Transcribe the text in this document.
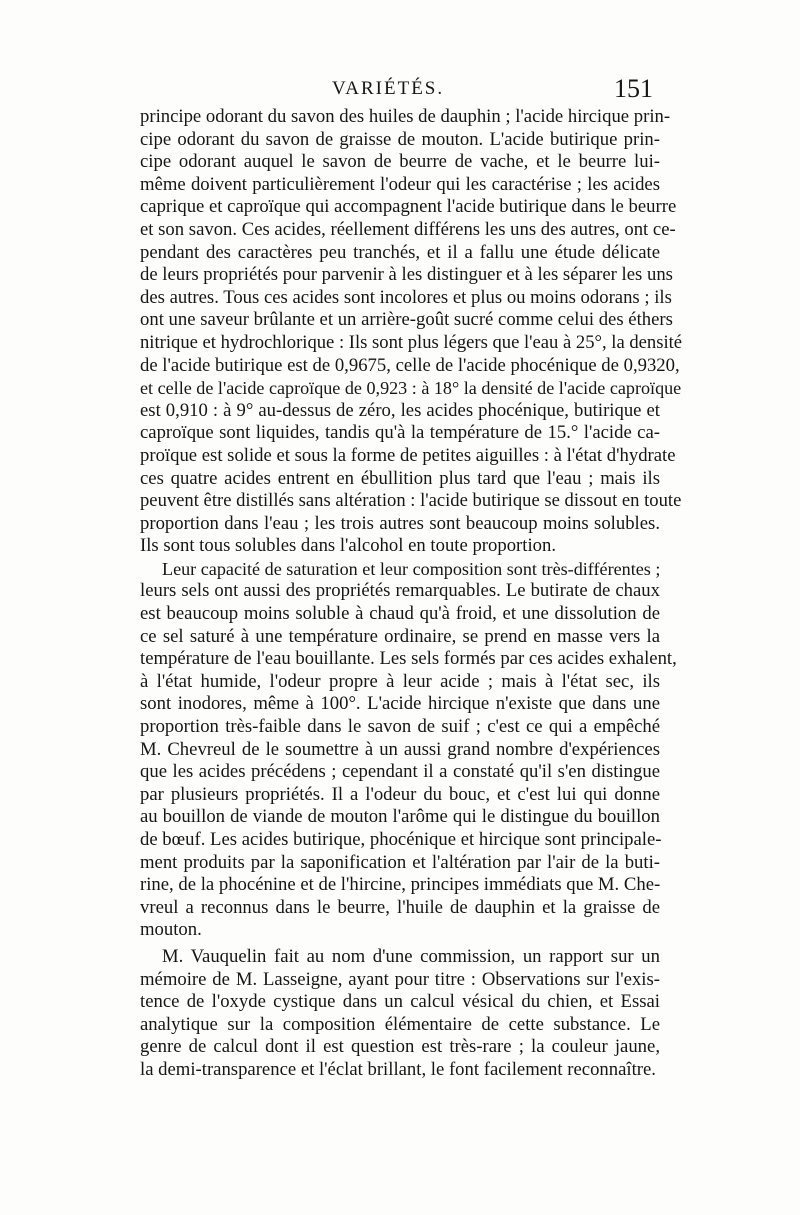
VARIÉTÉS.	151

principe odorant du savon des huiles de dauphin ; l'acide hircique prin-
cipe odorant du savon de graisse de mouton. L'acide butirique prin-
cipe odorant auquel le savon de beurre de vache, et le beurre lui-
même doivent particulièrement l'odeur qui les caractérise ; les acides
caprique et caproïque qui accompagnent l'acide butirique dans le beurre
et son savon. Ces acides, réellement différens les uns des autres, ont ce-
pendant des caractères peu tranchés, et il a fallu une étude délicate
de leurs propriétés pour parvenir à les distinguer et à les séparer les uns
des autres. Tous ces acides sont incolores et plus ou moins odorans ; ils
ont une saveur brûlante et un arrière-goût sucré comme celui des éthers
nitrique et hydrochlorique : Ils sont plus légers que l'eau à 25°, la densité
de l'acide butirique est de 0,9675, celle de l'acide phocénique de 0,9320,
et celle de l'acide caproïque de 0,923 : à 18° la densité de l'acide caproïque
est 0,910 : à 9° au-dessus de zéro, les acides phocénique, butirique et
caproïque sont liquides, tandis qu'à la température de 15.° l'acide ca-
proïque est solide et sous la forme de petites aiguilles : à l'état d'hydrate
ces quatre acides entrent en ébullition plus tard que l'eau ; mais ils
peuvent être distillés sans altération : l'acide butirique se dissout en toute
proportion dans l'eau ; les trois autres sont beaucoup moins solubles.
Ils sont tous solubles dans l'alcohol en toute proportion.

Leur capacité de saturation et leur composition sont très-différentes ;
leurs sels ont aussi des propriétés remarquables. Le butirate de chaux
est beaucoup moins soluble à chaud qu'à froid, et une dissolution de
ce sel saturé à une température ordinaire, se prend en masse vers la
température de l'eau bouillante. Les sels formés par ces acides exhalent,
à l'état humide, l'odeur propre à leur acide ; mais à l'état sec, ils
sont inodores, même à 100°. L'acide hircique n'existe que dans une
proportion très-faible dans le savon de suif ; c'est ce qui a empêché
M. Chevreul de le soumettre à un aussi grand nombre d'expériences
que les acides précédens ; cependant il a constaté qu'il s'en distingue
par plusieurs propriétés. Il a l'odeur du bouc, et c'est lui qui donne
au bouillon de viande de mouton l'arôme qui le distingue du bouillon
de bœuf. Les acides butirique, phocénique et hircique sont principale-
ment produits par la saponification et l'altération par l'air de la buti-
rine, de la phocénine et de l'hircine, principes immédiats que M. Che-
vreul a reconnus dans le beurre, l'huile de dauphin et la graisse de
mouton.

M. Vauquelin fait au nom d'une commission, un rapport sur un
mémoire de M. Lasseigne, ayant pour titre : Observations sur l'exis-
tence de l'oxyde cystique dans un calcul vésical du chien, et Essai
analytique sur la composition élémentaire de cette substance. Le
genre de calcul dont il est question est très-rare ; la couleur jaune,
la demi-transparence et l'éclat brillant, le font facilement reconnaître.
